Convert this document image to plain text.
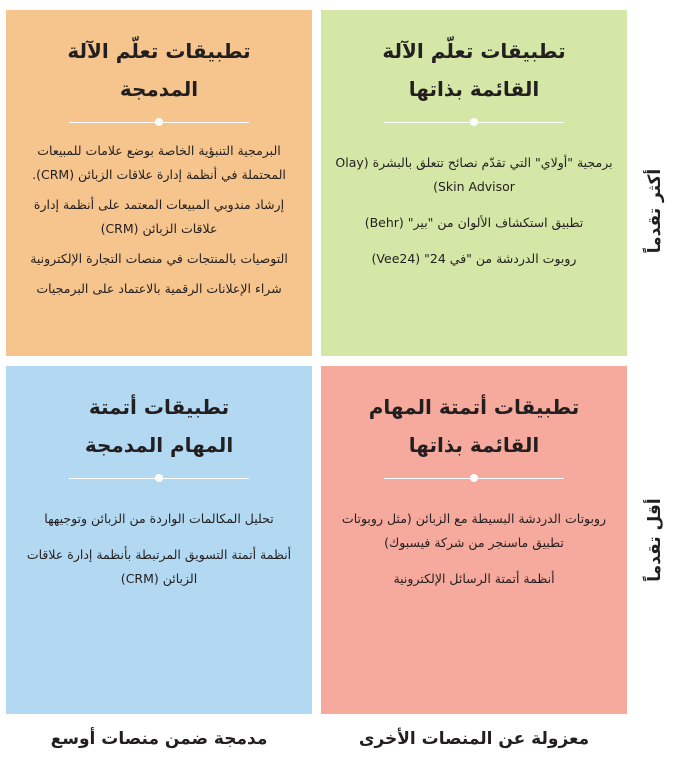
تطبيقات تعلّم الآلة
القائمة بذاتها
برمجية "أولاي" التي تقدّم نصائح تتعلق بالبشرة (Olay Skin Advisor)
تطبيق استكشاف الألوان من "بير" (Behr)
روبوت الدردشة من "في 24" (Vee24)
تطبيقات تعلّم الآلة
المدمجة
البرمجية التنبؤية الخاصة بوضع علامات للمبيعات المحتملة في أنظمة إدارة علاقات الزبائن (CRM).
إرشاد مندوبي المبيعات المعتمد على أنظمة إدارة علاقات الزبائن (CRM)
التوصيات بالمنتجات في منصات التجارة الإلكترونية
شراء الإعلانات الرقمية بالاعتماد على البرمجيات
تطبيقات أتمتة المهام
القائمة بذاتها
روبوتات الدردشة البسيطة مع الزبائن (مثل روبوتات تطبيق ماسنجر من شركة فيسبوك)
أنظمة أتمتة الرسائل الإلكترونية
تطبيقات أتمتة
المهام المدمجة
تحليل المكالمات الواردة من الزبائن وتوجيهها
أنظمة أتمتة التسويق المرتبطة بأنظمة إدارة علاقات الزبائن (CRM)
أكثر تقدماً
أقل تقدماً
معزولة عن المنصات الأخرى
مدمجة ضمن منصات أوسع
